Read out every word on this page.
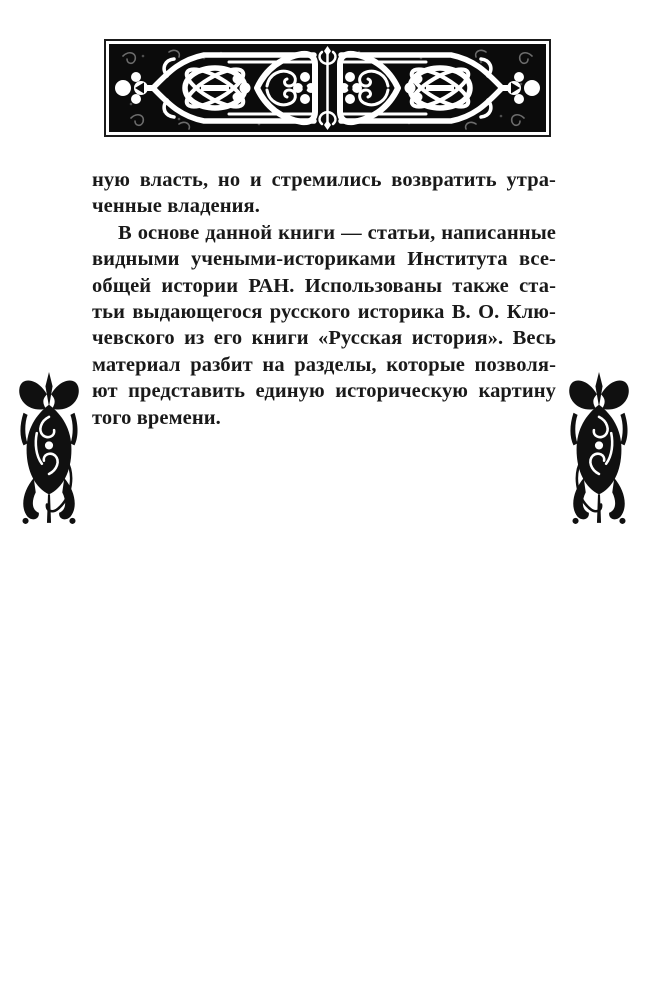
ную власть, но и стремились возвратить утра-
ченные владения.
В основе данной книги — статьи, написанные
видными учеными-историками Института все-
общей истории РАН. Использованы также ста-
тьи выдающегося русского историка В. О. Клю-
чевского из его книги «Русская история». Весь
материал разбит на разделы, которые позволя-
ют представить единую историческую картину
того времени.
